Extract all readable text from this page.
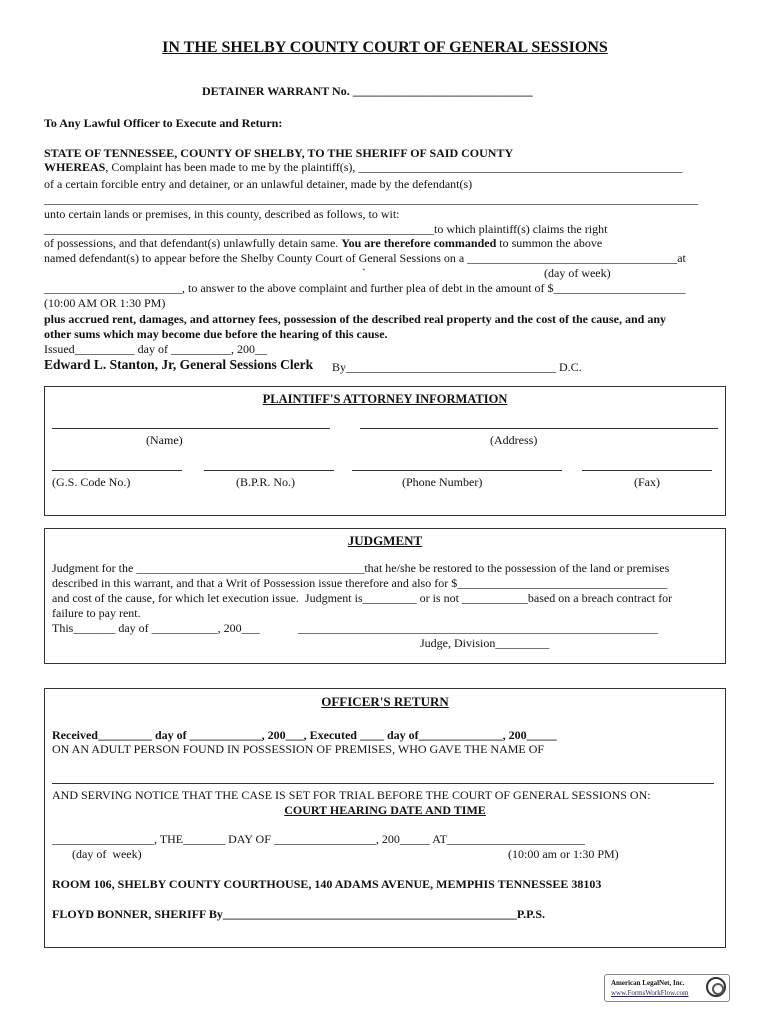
IN THE SHELBY COUNTY COURT OF GENERAL SESSIONS
DETAINER WARRANT No. ______________________________
To Any Lawful Officer to Execute and Return:
STATE OF TENNESSEE, COUNTY OF SHELBY, TO THE SHERIFF OF SAID COUNTY
WHEREAS, Complaint has been made to me by the plaintiff(s), ______________________________________________________
of a certain forcible entry and detainer, or an unlawful detainer, made by the defendant(s)
_____________________________________________________________________________________________________________
unto certain lands or premises, in this county, described as follows, to wit:
_________________________________________________________________to which plaintiff(s) claims the right
of possessions, and that defendant(s) unlawfully detain same. You are therefore commanded to summon the above
named defendant(s) to appear before the Shelby County Court of General Sessions on a ___________________________________at
`	(day of week)
_______________________, to answer to the above complaint and further plea of debt in the amount of $______________________
(10:00 AM OR 1:30 PM)
plus accrued rent, damages, and attorney fees, possession of the described real property and the cost of the cause, and any
other sums which may become due before the hearing of this cause.
Issued__________ day of __________, 200__
Edward L. Stanton, Jr, General Sessions Clerk By___________________________________ D.C.
PLAINTIFF'S ATTORNEY INFORMATION
(Name)	(Address)
(G.S. Code No.)	(B.P.R. No.)	(Phone Number)	(Fax)
JUDGMENT
Judgment for the ______________________________________that he/she be restored to the possession of the land or premises
described in this warrant, and that a Writ of Possession issue therefore and also for $___________________________________
and cost of the cause, for which let execution issue.  Judgment is_________ or is not ___________based on a breach contract for
failure to pay rent.
This_______ day of ___________, 200___	____________________________________________________________
Judge, Division_________
OFFICER'S RETURN
Received_________ day of ____________, 200___, Executed ____ day of______________, 200_____
ON AN ADULT PERSON FOUND IN POSSESSION OF PREMISES, WHO GAVE THE NAME OF
AND SERVING NOTICE THAT THE CASE IS SET FOR TRIAL BEFORE THE COURT OF GENERAL SESSIONS ON:
COURT HEARING DATE AND TIME
_________________, THE_______ DAY OF _________________, 200_____ AT_______________________
(day of  week)	(10:00 am or 1:30 PM)
ROOM 106, SHELBY COUNTY COURTHOUSE, 140 ADAMS AVENUE, MEMPHIS TENNESSEE 38103
FLOYD BONNER, SHERIFF By_________________________________________________P.P.S.
American LegalNet, Inc.
www.FormsWorkFlow.com
